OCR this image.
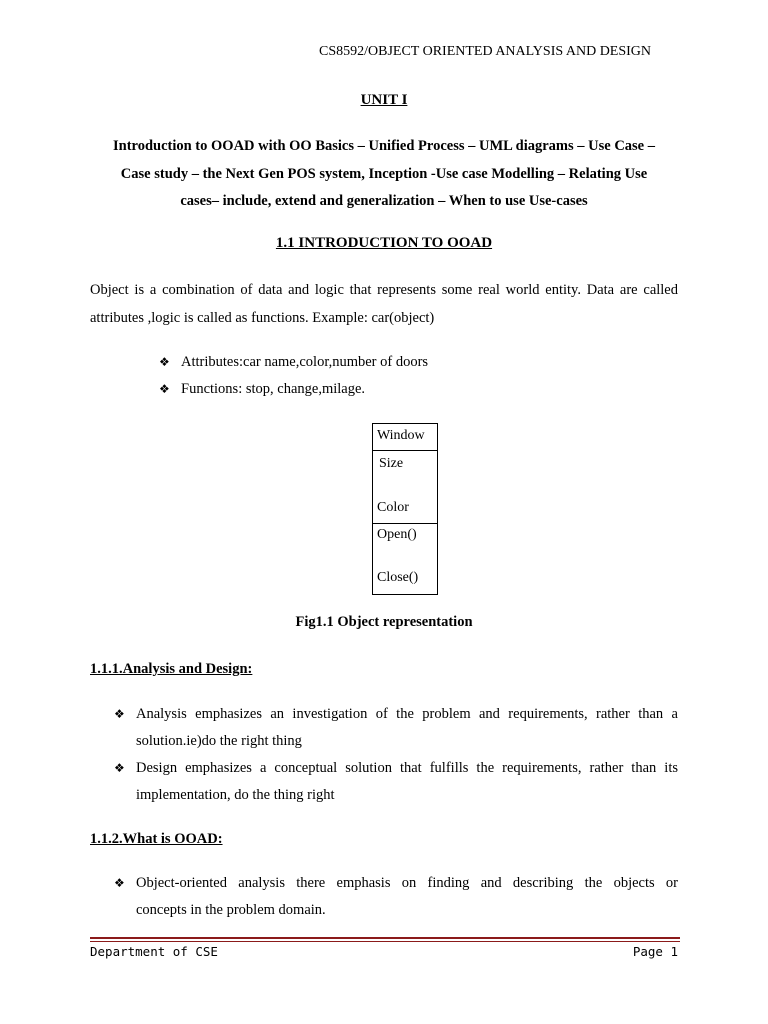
CS8592/OBJECT ORIENTED ANALYSIS AND DESIGN
UNIT I
Introduction to OOAD with OO Basics – Unified Process – UML diagrams – Use Case –
Case study – the Next Gen POS system, Inception -Use case Modelling – Relating Use
cases– include, extend and generalization – When to use Use-cases
1.1 INTRODUCTION TO OOAD
Object is a combination of data and logic that represents some real world entity. Data are called
attributes ,logic is called as functions. Example: car(object)
❖ Attributes:car name,color,number of doors
❖ Functions: stop, change,milage.
Window
Size
Color
Open()
Close()
Fig1.1 Object representation
1.1.1.Analysis and Design:
❖ Analysis emphasizes an investigation of the problem and requirements, rather than a
solution.ie)do the right thing
❖ Design emphasizes a conceptual solution that fulfills the requirements, rather than its
implementation, do the thing right
1.1.2.What is OOAD:
❖ Object-oriented analysis there emphasis on finding and describing the objects or
concepts in the problem domain.
Department of CSE	Page 1
